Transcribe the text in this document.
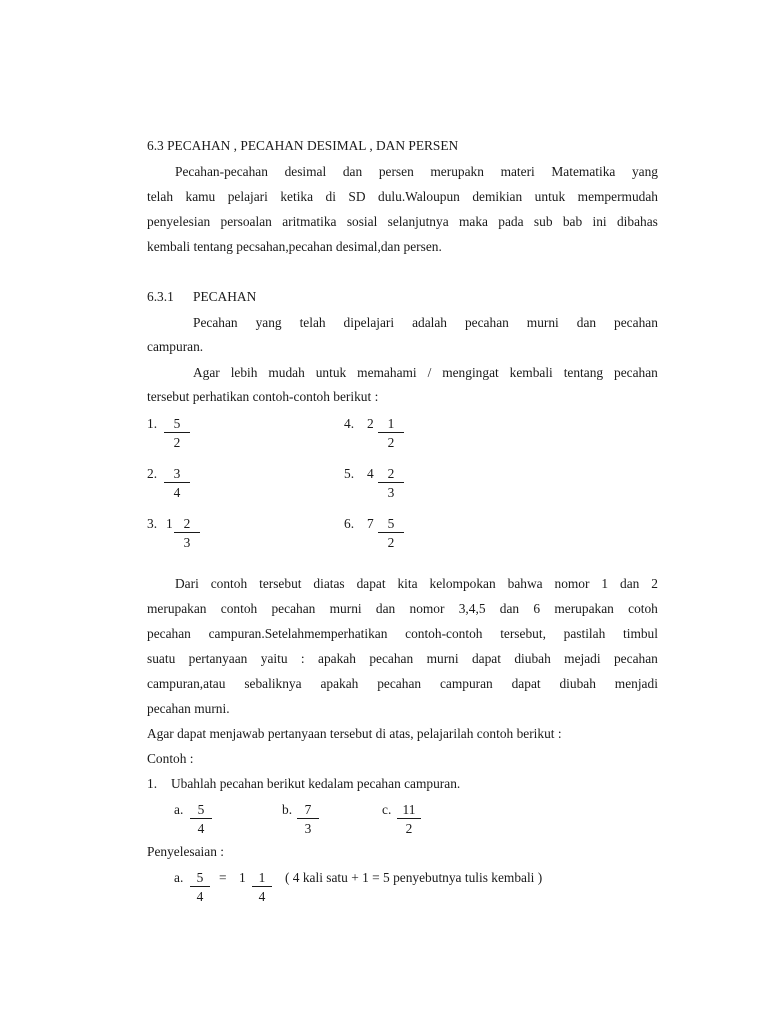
6.3 PECAHAN , PECAHAN DESIMAL , DAN PERSEN
Pecahan-pecahan desimal dan persen merupakn materi Matematika yang
telah kamu pelajari ketika di SD dulu.Waloupun demikian untuk mempermudah
penyelesian persoalan aritmatika sosial selanjutnya maka pada sub bab ini dibahas
kembali tentang pecsahan,pecahan desimal,dan persen.
6.3.1 PECAHAN
Pecahan yang telah dipelajari adalah pecahan murni dan pecahan
campuran.
Agar lebih mudah untuk memahami / mengingat kembali tentang pecahan
tersebut perhatikan contoh-contoh berikut :
1.	5
2
2.	3
4
3. 1 2
3
4. 2	1
2
5. 4	2
3
6. 7	5
2
Dari contoh tersebut diatas dapat kita kelompokan bahwa nomor 1 dan 2
merupakan contoh pecahan murni dan nomor 3,4,5 dan 6 merupakan cotoh
pecahan campuran.Setelahmemperhatikan contoh-contoh tersebut, pastilah timbul
suatu pertanyaan yaitu : apakah pecahan murni dapat diubah mejadi pecahan
campuran,atau sebaliknya apakah pecahan campuran dapat diubah menjadi
pecahan murni.
Agar dapat menjawab pertanyaan tersebut di atas, pelajarilah contoh berikut :
Contoh :
1. Ubahlah pecahan berikut kedalam pecahan campuran.
a.	5
4
b. 7
3
c. 11
2
Penyelesaian :
a. 5
4
= 1 1
4
( 4 kali satu + 1 = 5 penyebutnya tulis kembali )
